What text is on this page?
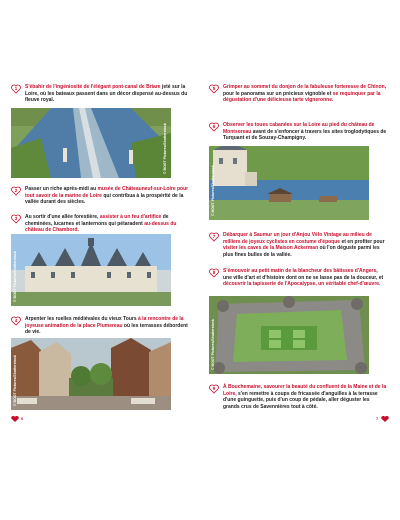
1	S'ébahir de l'ingéniosité de l'élégant pont-canal de Briare jeté sur la Loire, où les bateaux passent dans un décor dispensé au-dessus du fleuve royal.
© BOOT Pictures/Shutterstock
2	Passer un riche après-midi au musée de Châteauneuf-sur-Loire pour tout savoir de la marine de Loire qui contribua à la prospérité de la vallée durant des siècles.
3	Au sortir d'une allée forestière, assister à un feu d'artifice de cheminées, lucarnes et lanternons qui pétaradent au-dessus du château de Chambord.
© BOOT Pictures/Shutterstock
4	Arpenter les ruelles médiévales du vieux Tours à la rencontre de la joyeuse animation de la place Plumereau où les terrasses débordent de vie.
© BOOT Pictures/Shutterstock
5	Grimper au sommet du donjon de la fabuleuse forteresse de Chinon, pour le panorama sur un précieux vignoble et se requinquer par la dégustation d'une délicieuse tarte vigneronne.
6	Observer les toues cabanées sur la Loire au pied du château de Montsoreau avant de s'enfoncer à travers les sites troglodytiques de Turquant et de Souzay-Champigny.
© BOOT Pictures/Shutterstock
7	Débarquer à Saumur un jour d'Anjou Vélo Vintage au milieu de milliers de joyeux cyclistes en costume d'époque et en profiter pour visiter les caves de la Maison Ackerman où l'on déguste parmi les plus fines bulles de la vallée.
8	S'émouvoir au petit matin de la blancheur des bâtisses d'Angers, une ville d'art et d'histoire dont on ne se lasse pas de la douceur, et découvrir la tapisserie de l'Apocalypse, un véritable chef-d'œuvre.
© BOOT Pictures/Shutterstock
9	À Bouchemaine, savourer la beauté du confluent de la Maine et de la Loire, s'en remettre à coups de fricassée d'anguilles à la terrasse d'une guinguette, puis d'un coup de pédale, aller déguster les grands crus de Savennières tout à côté.
6	7
